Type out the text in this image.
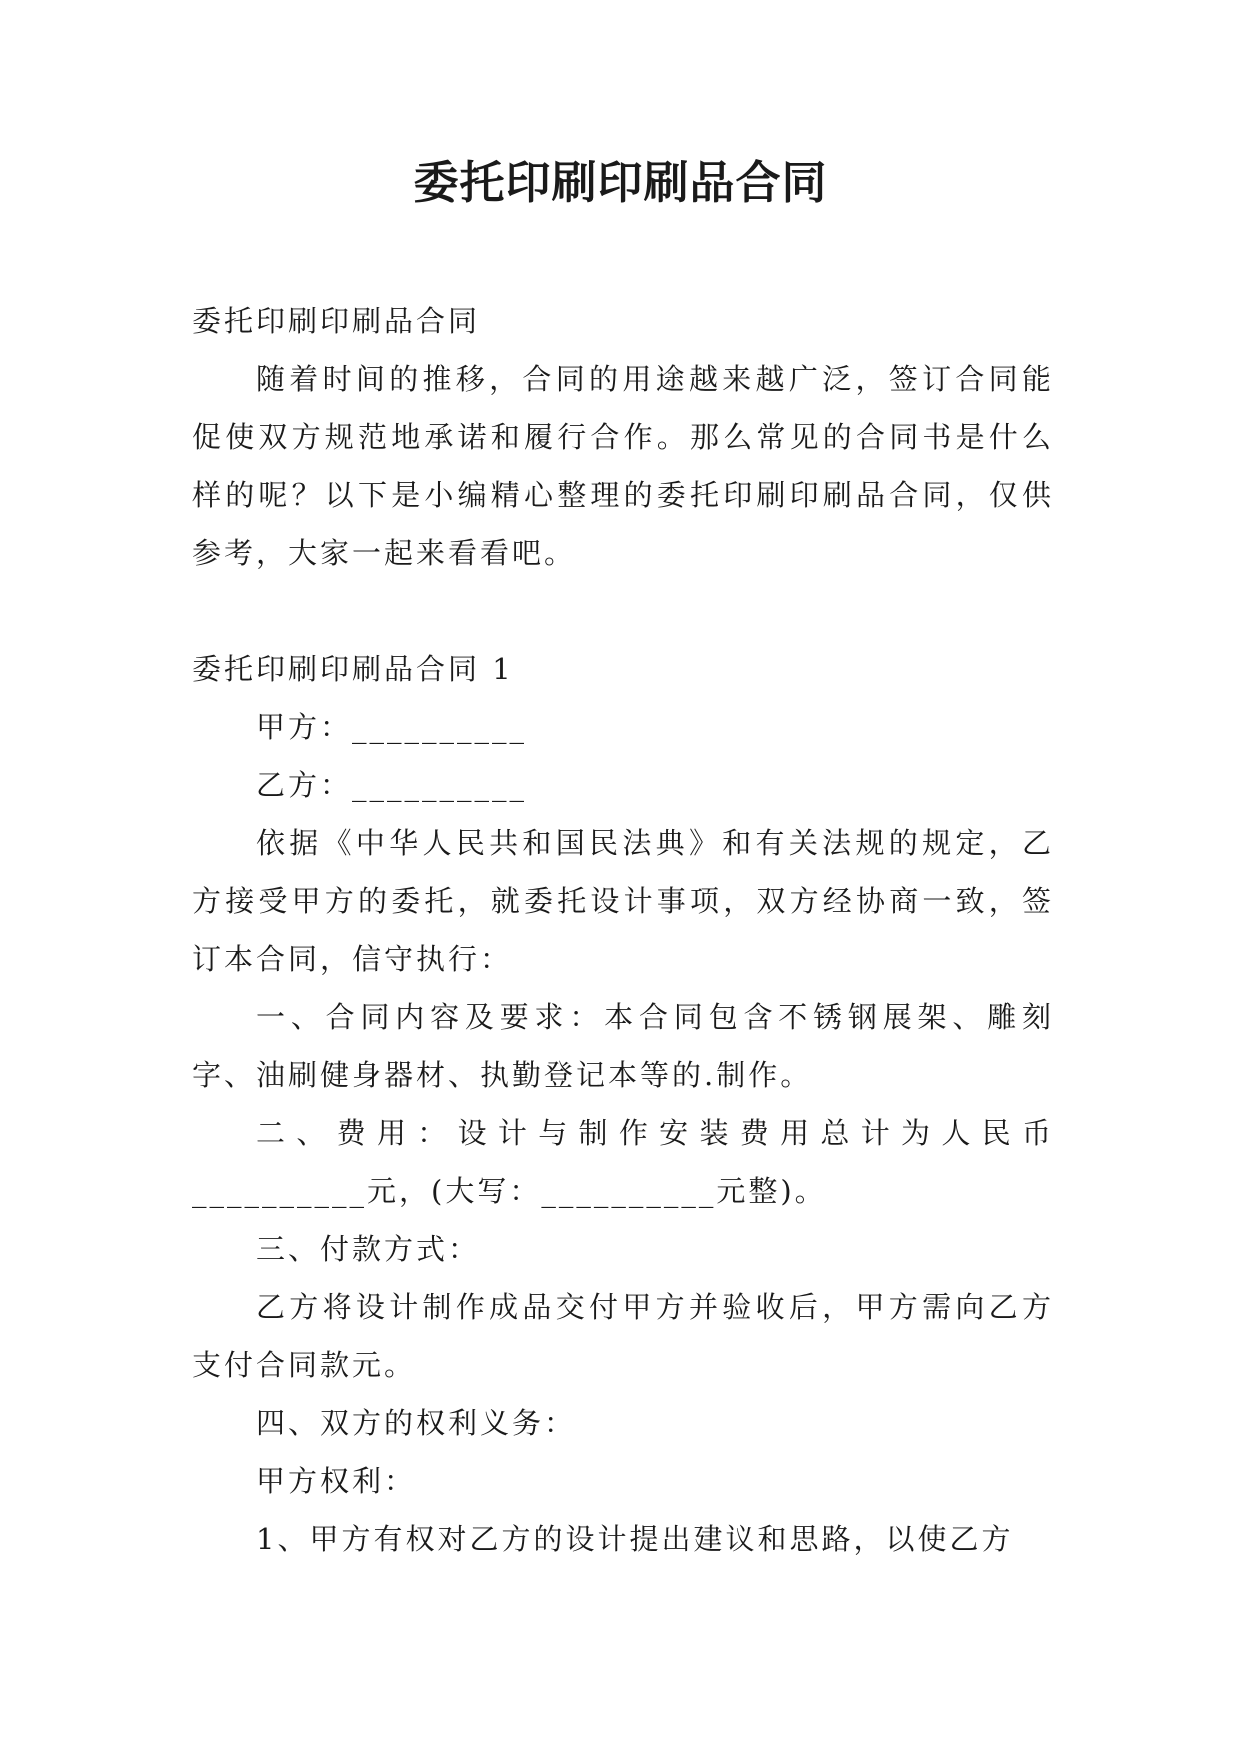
委托印刷印刷品合同

委托印刷印刷品合同

随着时间的推移，合同的用途越来越广泛，签订合同能促使双方规范地承诺和履行合作。那么常见的合同书是什么样的呢？以下是小编精心整理的委托印刷印刷品合同，仅供参考，大家一起来看看吧。

委托印刷印刷品合同 1

甲方：__________

乙方：__________

依据《中华人民共和国民法典》和有关法规的规定，乙方接受甲方的委托，就委托设计事项，双方经协商一致，签订本合同，信守执行：

一、合同内容及要求：本合同包含不锈钢展架、雕刻字、油刷健身器材、执勤登记本等的.制作。

二、费用：设计与制作安装费用总计为人民币__________元，(大写：__________元整)。

三、付款方式：

乙方将设计制作成品交付甲方并验收后，甲方需向乙方支付合同款元。

四、双方的权利义务：

甲方权利：

1、甲方有权对乙方的设计提出建议和思路，以使乙方
